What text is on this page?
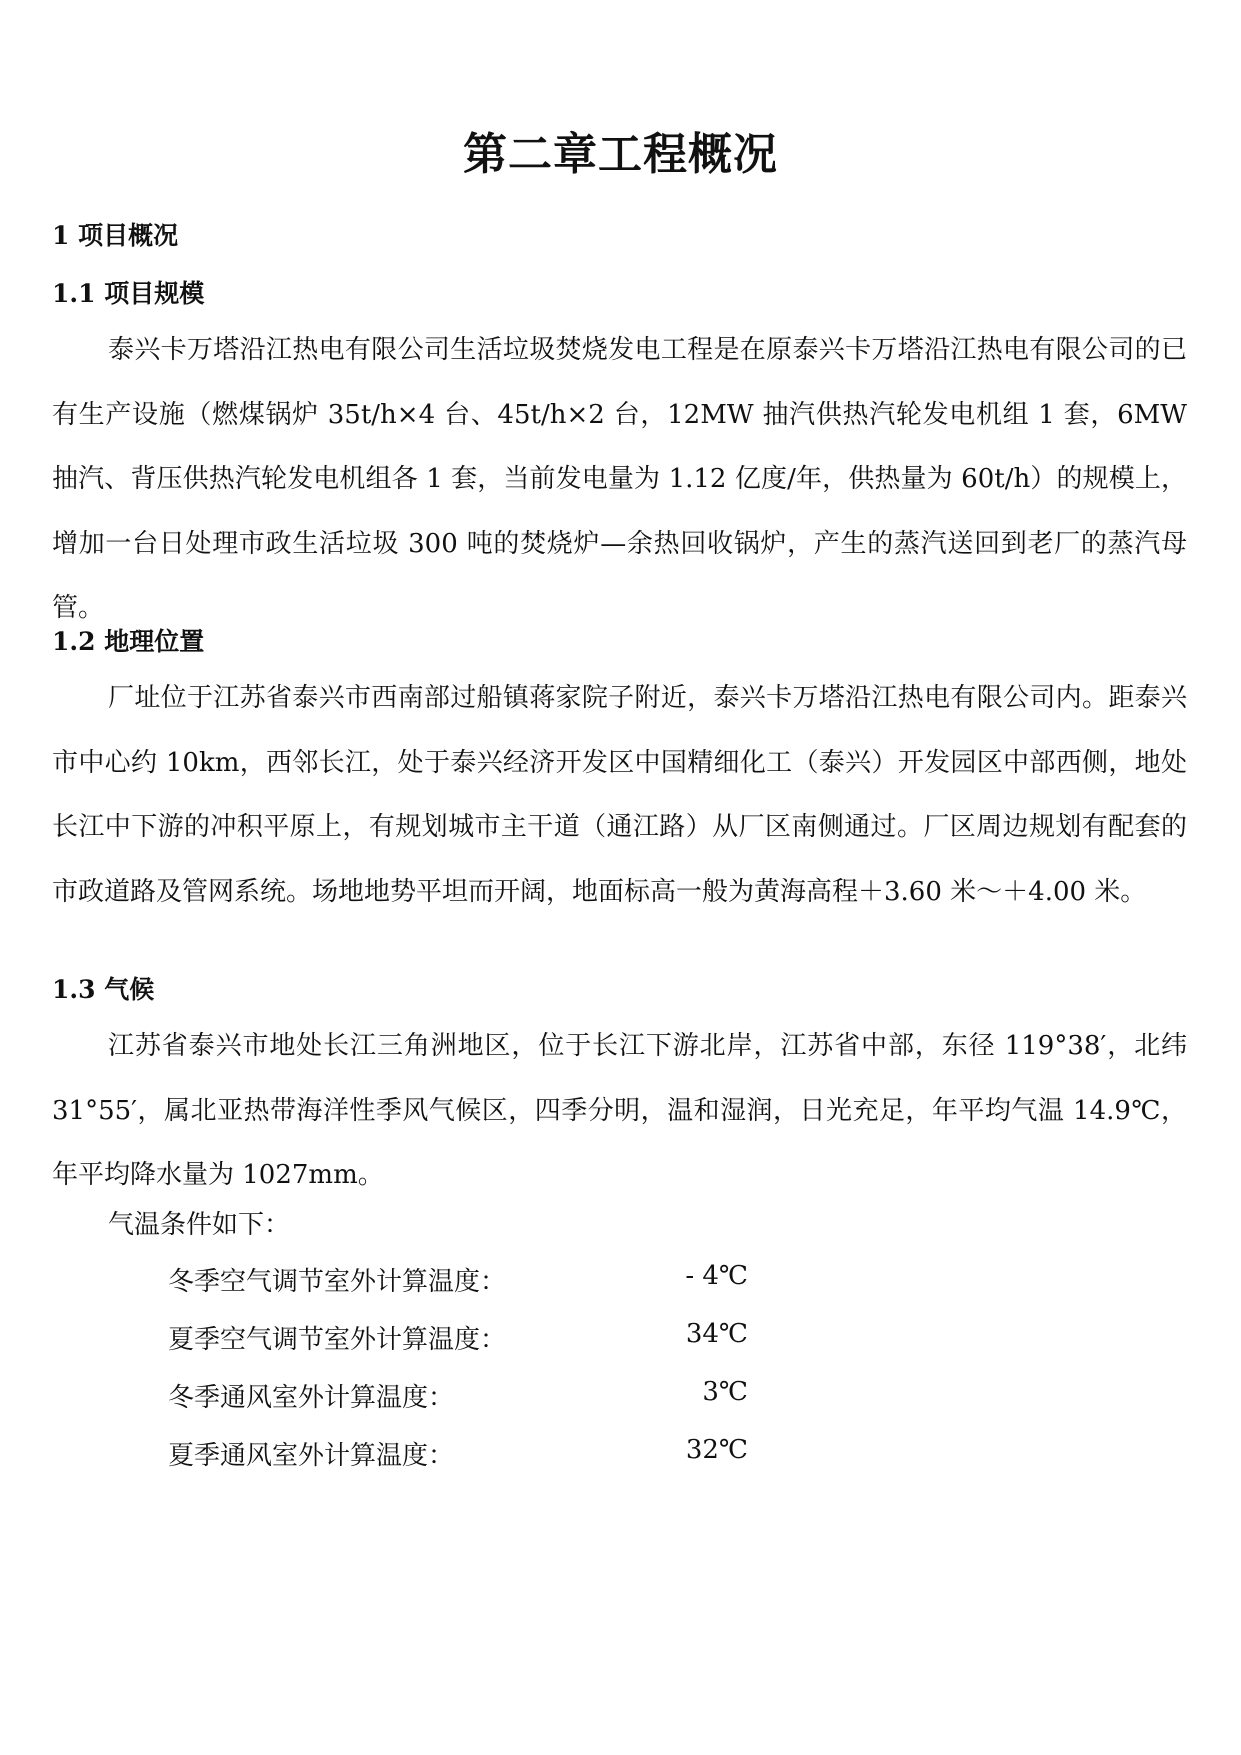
第二章工程概况
1 项目概况
1.1 项目规模

泰兴卡万塔沿江热电有限公司生活垃圾焚烧发电工程是在原泰兴卡万塔沿江热电有限公司的已有生产设施（燃煤锅炉 35t/h×4 台、45t/h×2 台，12MW 抽汽供热汽轮发电机组 1 套，6MW 抽汽、背压供热汽轮发电机组各 1 套，当前发电量为 1.12 亿度/年，供热量为 60t/h）的规模上，增加一台日处理市政生活垃圾 300 吨的焚烧炉—余热回收锅炉，产生的蒸汽送回到老厂的蒸汽母管。

1.2 地理位置

厂址位于江苏省泰兴市西南部过船镇蒋家院子附近，泰兴卡万塔沿江热电有限公司内。距泰兴市中心约 10km，西邻长江，处于泰兴经济开发区中国精细化工（泰兴）开发园区中部西侧，地处长江中下游的冲积平原上，有规划城市主干道（通江路）从厂区南侧通过。厂区周边规划有配套的市政道路及管网系统。场地地势平坦而开阔，地面标高一般为黄海高程＋3.60 米～＋4.00 米。

1.3 气候

江苏省泰兴市地处长江三角洲地区，位于长江下游北岸，江苏省中部，东径 119°38′，北纬 31°55′，属北亚热带海洋性季风气候区，四季分明，温和湿润，日光充足，年平均气温 14.9℃，年平均降水量为 1027mm。

气温条件如下：

冬季空气调节室外计算温度：	- 4℃
夏季空气调节室外计算温度：	34℃
冬季通风室外计算温度：	3℃
夏季通风室外计算温度：	32℃
